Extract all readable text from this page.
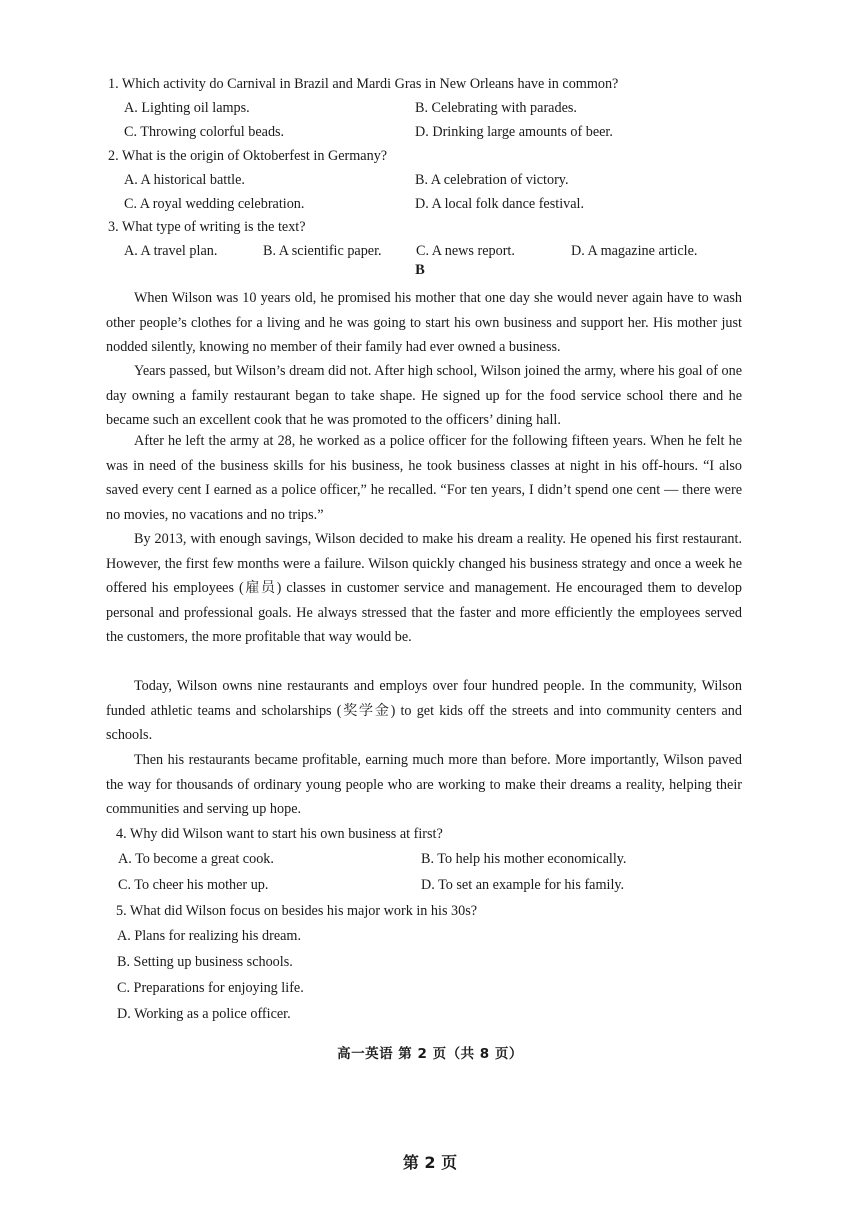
1. Which activity do Carnival in Brazil and Mardi Gras in New Orleans have in common?
A. Lighting oil lamps.	B. Celebrating with parades.
C. Throwing colorful beads.	D. Drinking large amounts of beer.
2. What is the origin of Oktoberfest in Germany?
A. A historical battle.	B. A celebration of victory.
C. A royal wedding celebration.	D. A local folk dance festival.
3. What type of writing is the text?
A. A travel plan.	B. A scientific paper. C. A news report.	D. A magazine article.
B

When Wilson was 10 years old, he promised his mother that one day she would never again have to wash other people’s clothes for a living and he was going to start his own business and support her. His mother just nodded silently, knowing no member of their family had ever owned a business.

Years passed, but Wilson’s dream did not. After high school, Wilson joined the army, where his goal of one day owning a family restaurant began to take shape. He signed up for the food service school there and he became such an excellent cook that he was promoted to the officers’ dining hall.

After he left the army at 28, he worked as a police officer for the following fifteen years. When he felt he was in need of the business skills for his business, he took business classes at night in his off-hours. “I also saved every cent I earned as a police officer,” he recalled. “For ten years, I didn’t spend one cent — there were no movies, no vacations and no trips.”

By 2013, with enough savings, Wilson decided to make his dream a reality. He opened his first restaurant. However, the first few months were a failure. Wilson quickly changed his business strategy and once a week he offered his employees (雇员) classes in customer service and management. He encouraged them to develop personal and professional goals. He always stressed that the faster and more efficiently the employees served the customers, the more profitable that way would be.

Today, Wilson owns nine restaurants and employs over four hundred people. In the community, Wilson funded athletic teams and scholarships (奖学金) to get kids off the streets and into community centers and schools.

Then his restaurants became profitable, earning much more than before. More importantly, Wilson paved the way for thousands of ordinary young people who are working to make their dreams a reality, helping their communities and serving up hope.

4. Why did Wilson want to start his own business at first?
A. To become a great cook.	B. To help his mother economically.
C. To cheer his mother up.	D. To set an example for his family.
5. What did Wilson focus on besides his major work in his 30s?
A. Plans for realizing his dream.
B. Setting up business schools.
C. Preparations for enjoying life.
D. Working as a police officer.
高一英语 第 2 页（共 8 页）
第 2 页
